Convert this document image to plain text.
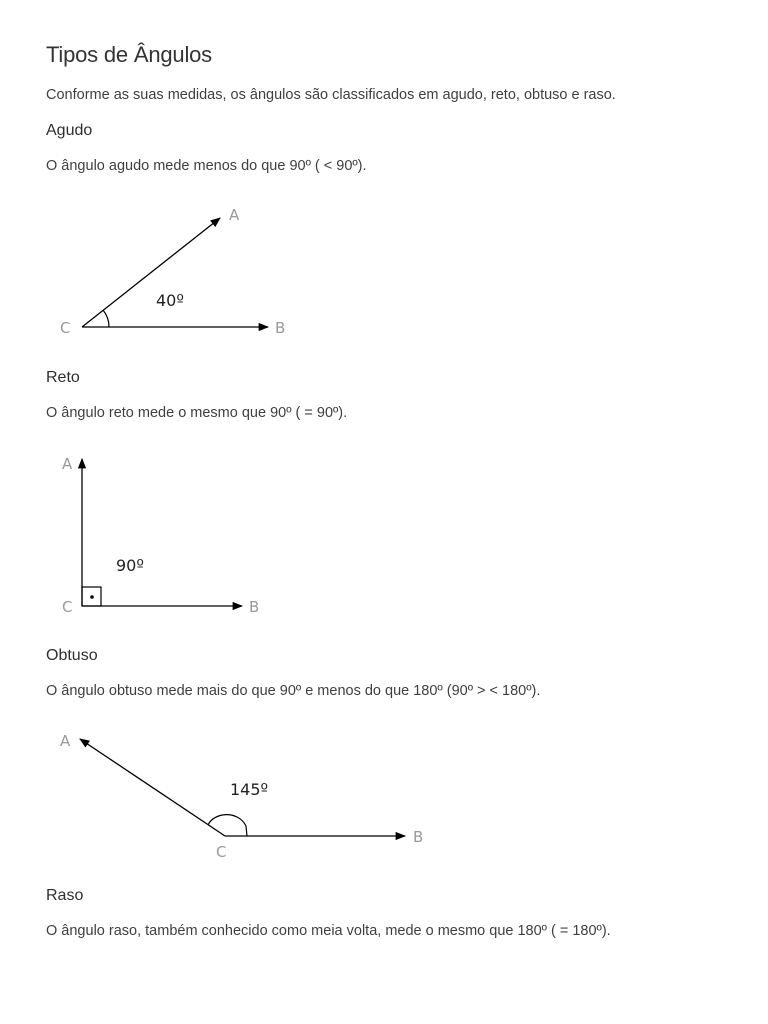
Tipos de Ângulos

Conforme as suas medidas, os ângulos são classificados em agudo, reto, obtuso e raso.

Agudo

O ângulo agudo mede menos do que 90º ( < 90º).

A
B
C
40º
Reto

O ângulo reto mede o mesmo que 90º ( = 90º).

A
B
C
90º
Obtuso

O ângulo obtuso mede mais do que 90º e menos do que 180º (90º > < 180º).

A
B
C
145º
Raso

O ângulo raso, também conhecido como meia volta, mede o mesmo que 180º ( = 180º).
